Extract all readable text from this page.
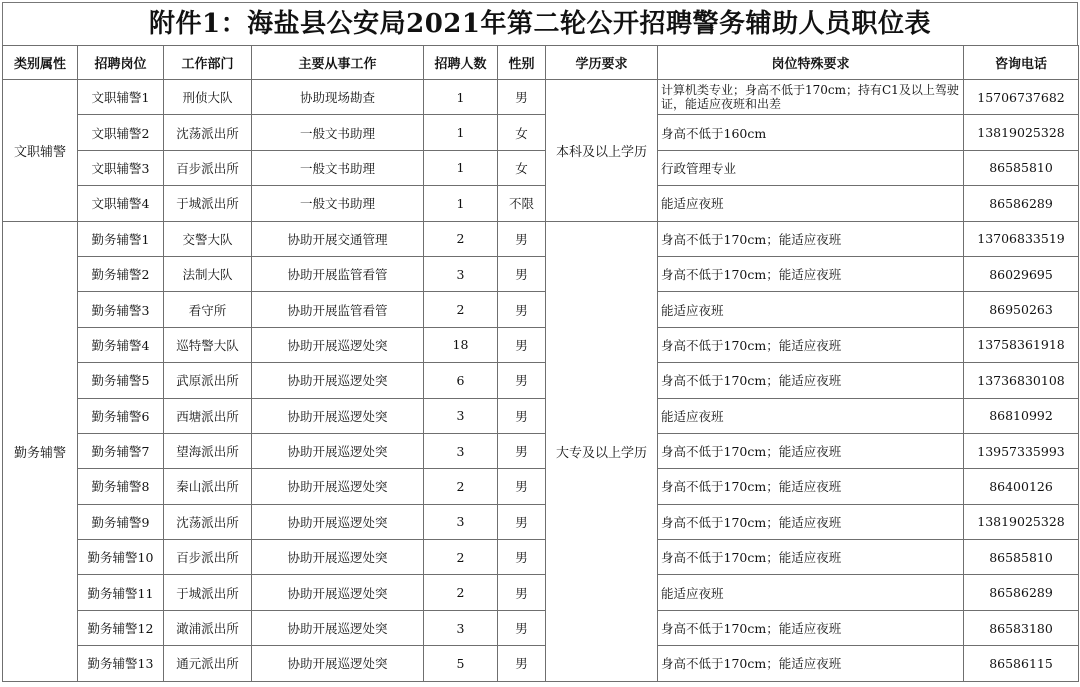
附件1：海盐县公安局2021年第二轮公开招聘警务辅助人员职位表
类别属性	招聘岗位	工作部门	主要从事工作	招聘人数	性别	学历要求	岗位特殊要求	咨询电话
文职辅警	文职辅警1	刑侦大队	协助现场勘查	1	男	本科及以上学历	计算机类专业；身高不低于170cm；持有C1及以上驾驶证，能适应夜班和出差	15706737682
	文职辅警2	沈荡派出所	一般文书助理	1	女		身高不低于160cm	13819025328
	文职辅警3	百步派出所	一般文书助理	1	女		行政管理专业	86585810
	文职辅警4	于城派出所	一般文书助理	1	不限		能适应夜班	86586289
勤务辅警	勤务辅警1	交警大队	协助开展交通管理	2	男	大专及以上学历	身高不低于170cm；能适应夜班	13706833519
	勤务辅警2	法制大队	协助开展监管看管	3	男		身高不低于170cm；能适应夜班	86029695
	勤务辅警3	看守所	协助开展监管看管	2	男		能适应夜班	86950263
	勤务辅警4	巡特警大队	协助开展巡逻处突	18	男		身高不低于170cm；能适应夜班	13758361918
	勤务辅警5	武原派出所	协助开展巡逻处突	6	男		身高不低于170cm；能适应夜班	13736830108
	勤务辅警6	西塘派出所	协助开展巡逻处突	3	男		能适应夜班	86810992
	勤务辅警7	望海派出所	协助开展巡逻处突	3	男		身高不低于170cm；能适应夜班	13957335993
	勤务辅警8	秦山派出所	协助开展巡逻处突	2	男		身高不低于170cm；能适应夜班	86400126
	勤务辅警9	沈荡派出所	协助开展巡逻处突	3	男		身高不低于170cm；能适应夜班	13819025328
	勤务辅警10	百步派出所	协助开展巡逻处突	2	男		身高不低于170cm；能适应夜班	86585810
	勤务辅警11	于城派出所	协助开展巡逻处突	2	男		能适应夜班	86586289
	勤务辅警12	澉浦派出所	协助开展巡逻处突	3	男		身高不低于170cm；能适应夜班	86583180
	勤务辅警13	通元派出所	协助开展巡逻处突	5	男		身高不低于170cm；能适应夜班	86586115
